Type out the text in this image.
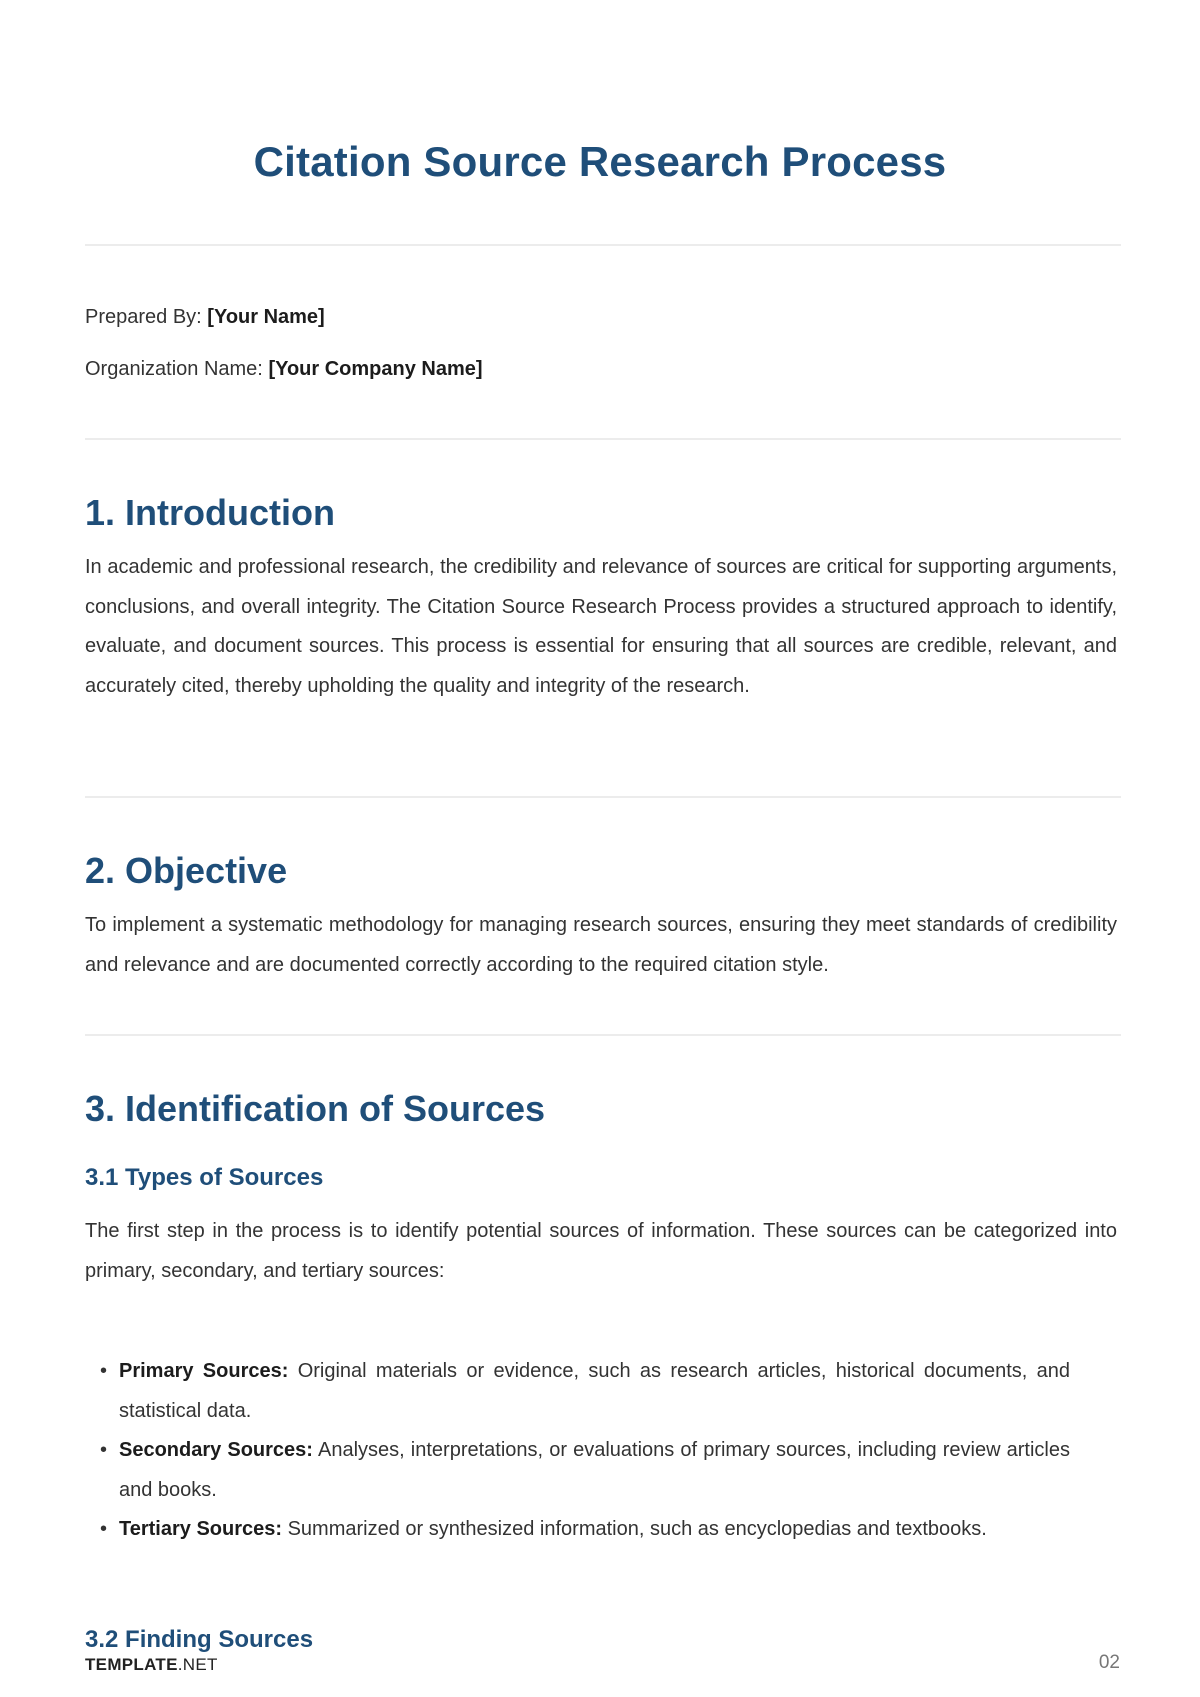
Citation Source Research Process
Prepared By: [Your Name]
Organization Name: [Your Company Name]
1. Introduction
In academic and professional research, the credibility and relevance of sources are critical for supporting arguments, conclusions, and overall integrity. The Citation Source Research Process provides a structured approach to identify, evaluate, and document sources. This process is essential for ensuring that all sources are credible, relevant, and accurately cited, thereby upholding the quality and integrity of the research.
2. Objective
To implement a systematic methodology for managing research sources, ensuring they meet standards of credibility and relevance and are documented correctly according to the required citation style.
3. Identification of Sources
3.1 Types of Sources
The first step in the process is to identify potential sources of information. These sources can be categorized into primary, secondary, and tertiary sources:
• Primary Sources: Original materials or evidence, such as research articles, historical documents, and statistical data.
• Secondary Sources: Analyses, interpretations, or evaluations of primary sources, including review articles and books.
• Tertiary Sources: Summarized or synthesized information, such as encyclopedias and textbooks.
3.2 Finding Sources
TEMPLATE.NET	02
